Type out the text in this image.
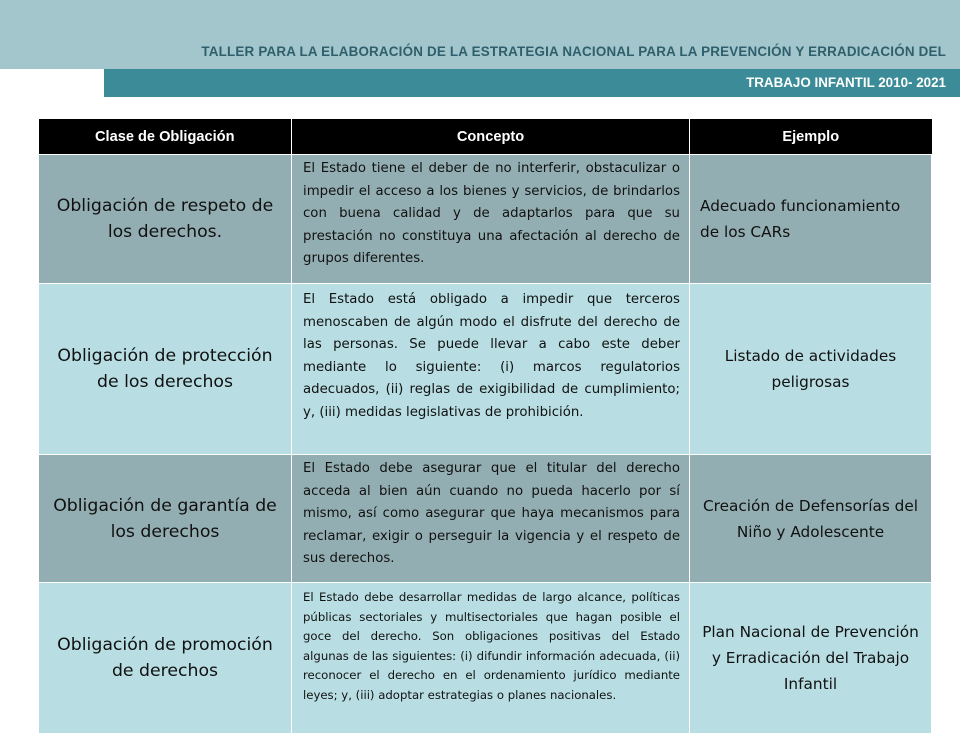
TALLER PARA LA ELABORACIÓN DE LA ESTRATEGIA NACIONAL PARA LA PREVENCIÓN Y ERRADICACIÓN DEL
TRABAJO INFANTIL 2010- 2021
Clase de Obligación	Concepto	Ejemplo
Obligación de respeto de los derechos.	El Estado tiene el deber de no interferir, obstaculizar o impedir el acceso a los bienes y servicios, de brindarlos con buena calidad y de adaptarlos para que su prestación no constituya una afectación al derecho de grupos diferentes.	Adecuado funcionamiento de los CARs
Obligación de protección de los derechos	El Estado está obligado a impedir que terceros menoscaben de algún modo el disfrute del derecho de las personas. Se puede llevar a cabo este deber mediante lo siguiente: (i) marcos regulatorios adecuados, (ii) reglas de exigibilidad de cumplimiento; y, (iii) medidas legislativas de prohibición.	Listado de actividades peligrosas
Obligación de garantía de los derechos	El Estado debe asegurar que el titular del derecho acceda al bien aún cuando no pueda hacerlo por sí mismo, así como asegurar que haya mecanismos para reclamar, exigir o perseguir la vigencia y el respeto de sus derechos.	Creación de Defensorías del Niño y Adolescente
Obligación de promoción de derechos	El Estado debe desarrollar medidas de largo alcance, políticas públicas sectoriales y multisectoriales que hagan posible el goce del derecho. Son obligaciones positivas del Estado algunas de las siguientes: (i) difundir información adecuada, (ii) reconocer el derecho en el ordenamiento jurídico mediante leyes; y, (iii) adoptar estrategias o planes nacionales.	Plan Nacional de Prevención y Erradicación del Trabajo Infantil
